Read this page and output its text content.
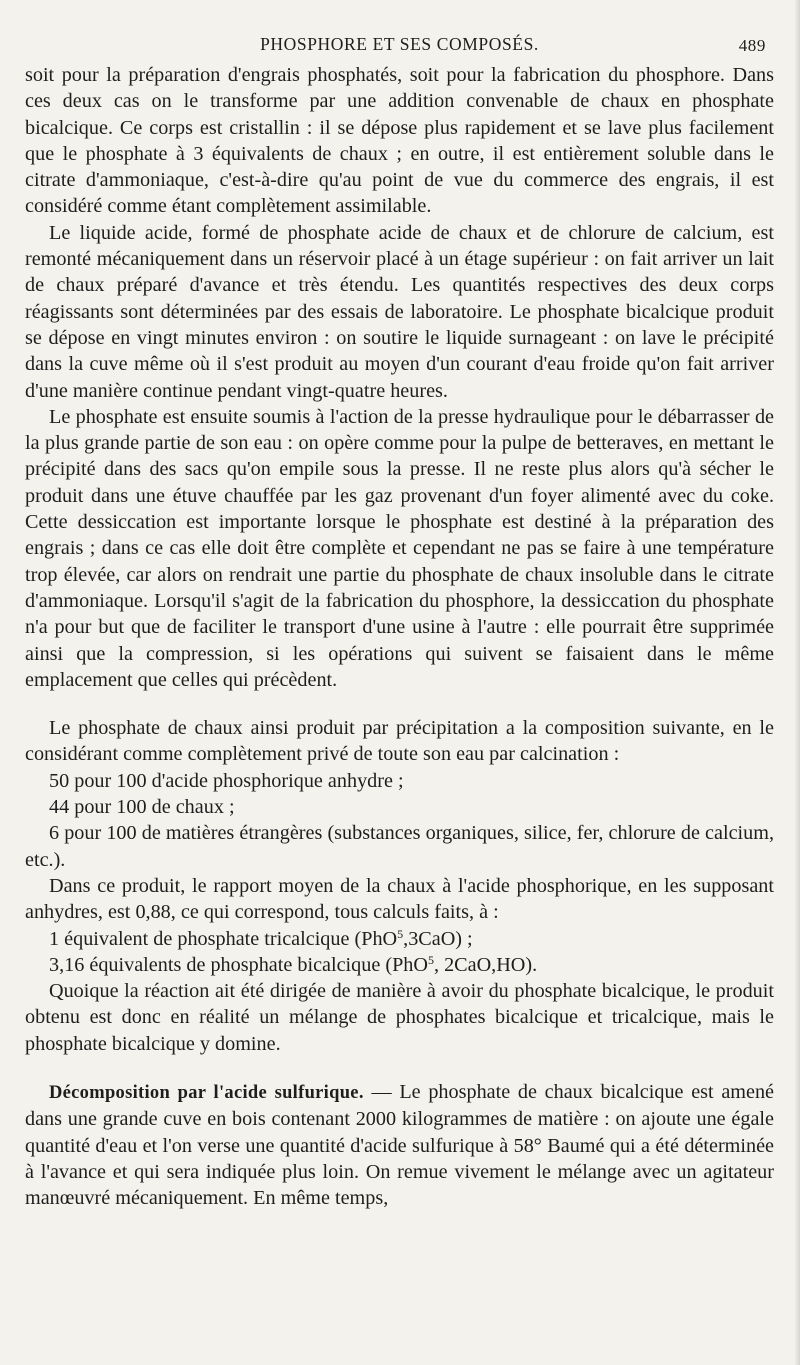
PHOSPHORE ET SES COMPOSÉS.	489

soit pour la préparation d'engrais phosphatés, soit pour la fabrication du phosphore. Dans ces deux cas on le transforme par une addition convenable de chaux en phosphate bicalcique. Ce corps est cristallin : il se dépose plus rapidement et se lave plus facilement que le phosphate à 3 équivalents de chaux ; en outre, il est entièrement soluble dans le citrate d'ammoniaque, c'est-à-dire qu'au point de vue du commerce des engrais, il est considéré comme étant complètement assimilable.

Le liquide acide, formé de phosphate acide de chaux et de chlorure de calcium, est remonté mécaniquement dans un réservoir placé à un étage supérieur : on fait arriver un lait de chaux préparé d'avance et très étendu. Les quantités respectives des deux corps réagissants sont déterminées par des essais de laboratoire. Le phosphate bicalcique produit se dépose en vingt minutes environ : on soutire le liquide surnageant : on lave le précipité dans la cuve même où il s'est produit au moyen d'un courant d'eau froide qu'on fait arriver d'une manière continue pendant vingt-quatre heures.

Le phosphate est ensuite soumis à l'action de la presse hydraulique pour le débarrasser de la plus grande partie de son eau : on opère comme pour la pulpe de betteraves, en mettant le précipité dans des sacs qu'on empile sous la presse. Il ne reste plus alors qu'à sécher le produit dans une étuve chauffée par les gaz provenant d'un foyer alimenté avec du coke. Cette dessiccation est importante lorsque le phosphate est destiné à la préparation des engrais ; dans ce cas elle doit être complète et cependant ne pas se faire à une température trop élevée, car alors on rendrait une partie du phosphate de chaux insoluble dans le citrate d'ammoniaque. Lorsqu'il s'agit de la fabrication du phosphore, la dessiccation du phosphate n'a pour but que de faciliter le transport d'une usine à l'autre : elle pourrait être supprimée ainsi que la compression, si les opérations qui suivent se faisaient dans le même emplacement que celles qui précèdent.

Le phosphate de chaux ainsi produit par précipitation a la composition suivante, en le considérant comme complètement privé de toute son eau par calcination :

50 pour 100 d'acide phosphorique anhydre ;

44 pour 100 de chaux ;

6 pour 100 de matières étrangères (substances organiques, silice, fer, chlorure de calcium, etc.).

Dans ce produit, le rapport moyen de la chaux à l'acide phosphorique, en les supposant anhydres, est 0,88, ce qui correspond, tous calculs faits, à :

1 équivalent de phosphate tricalcique (PhO$^5$,3CaO) ;

3,16 équivalents de phosphate bicalcique (PhO$^5$, 2CaO,HO).

Quoique la réaction ait été dirigée de manière à avoir du phosphate bicalcique, le produit obtenu est donc en réalité un mélange de phosphates bicalcique et tricalcique, mais le phosphate bicalcique y domine.

Décomposition par l'acide sulfurique. — Le phosphate de chaux bicalcique est amené dans une grande cuve en bois contenant 2000 kilogrammes de matière : on ajoute une égale quantité d'eau et l'on verse une quantité d'acide sulfurique à 58° Baumé qui a été déterminée à l'avance et qui sera indiquée plus loin. On remue vivement le mélange avec un agitateur manœuvré mécaniquement. En même temps,
